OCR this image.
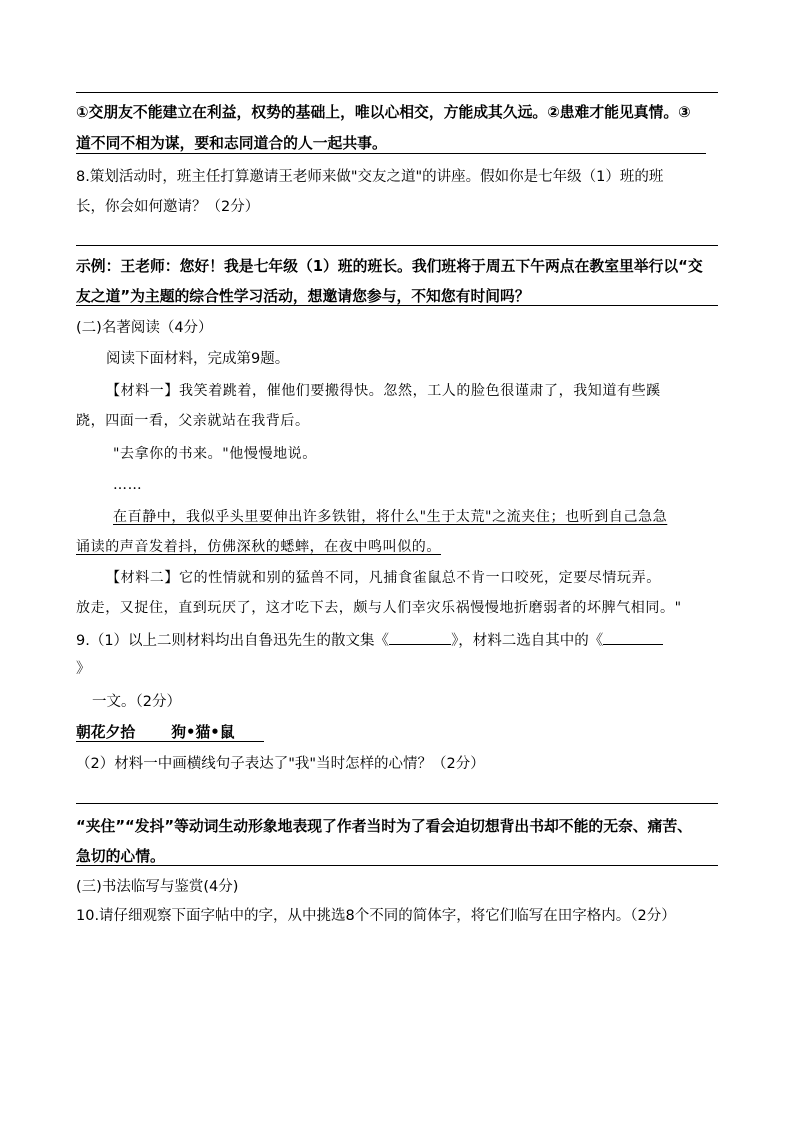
①交朋友不能建立在利益，权势的基础上，唯以心相交，方能成其久远。②患难才能见真情。③
道不同不相为谋，要和志同道合的人一起共事。
8.策划活动时，班主任打算邀请王老师来做"交友之道"的讲座。假如你是七年级（1）班的班
长，你会如何邀请？（2分）
示例：王老师：您好！我是七年级（1）班的班长。我们班将于周五下午两点在教室里举行以“交
友之道”为主题的综合性学习活动，想邀请您参与，不知您有时间吗？
(二)名著阅读（4分）
阅读下面材料，完成第9题。
【材料一】我笑着跳着，催他们要搬得快。忽然，工人的脸色很谨肃了，我知道有些蹊
跷，四面一看，父亲就站在我背后。
"去拿你的书来。"他慢慢地说。
……
在百静中，我似乎头里要伸出许多铁钳，将什么"生于太荒"之流夹住；也听到自己急急
诵读的声音发着抖，仿佛深秋的蟋蟀，在夜中鸣叫似的。
【材料二】它的性情就和别的猛兽不同，凡捕食雀鼠总不肯一口咬死，定要尽情玩弄。
放走，又捉住，直到玩厌了，这才吃下去，颇与人们幸灾乐祸慢慢地折磨弱者的坏脾气相同。"
9.（1）以上二则材料均出自鲁迅先生的散文集《	》，材料二选自其中的《
》
一文。（2分）
朝花夕拾 狗•猫•鼠
（2）材料一中画横线句子表达了"我"当时怎样的心情？（2分）
“夹住”“发抖”等动词生动形象地表现了作者当时为了看会迫切想背出书却不能的无奈、痛苦、
急切的心情。
(三)书法临写与鉴赏(4分)
10.请仔细观察下面字帖中的字，从中挑选8个不同的简体字，将它们临写在田字格内。（2分）
